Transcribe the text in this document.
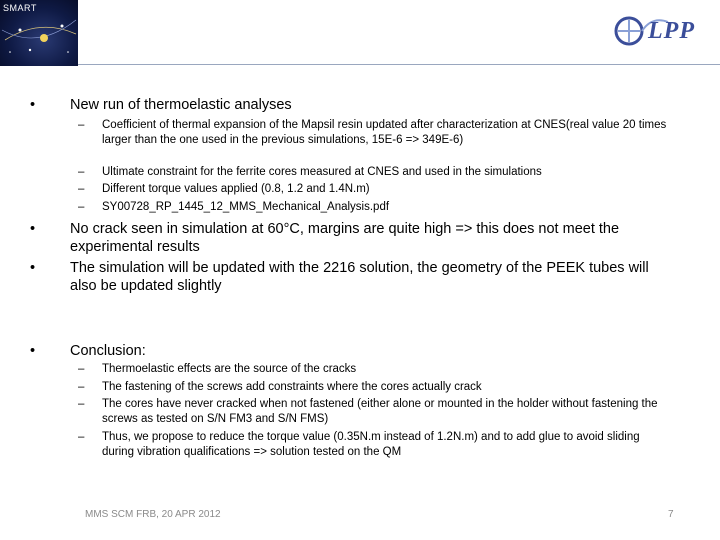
SMART
LPP
• New run of thermoelastic analyses
– Coefficient of thermal expansion of the Mapsil resin updated after characterization at CNES(real value 20 times larger than the one used in the previous simulations, 15E-6 => 349E-6)
– Ultimate constraint for the ferrite cores measured at CNES and used in the simulations
– Different torque values applied (0.8, 1.2 and 1.4N.m)
– SY00728_RP_1445_12_MMS_Mechanical_Analysis.pdf
• No crack seen in simulation at 60°C, margins are quite high => this does not meet the experimental results
• The simulation will be updated with the 2216 solution, the geometry of the PEEK tubes will also be updated slightly
• Conclusion:
– Thermoelastic effects are the source of the cracks
– The fastening of the screws add constraints where the cores actually crack
– The cores have never cracked when not fastened (either alone or mounted in the holder without fastening the screws as tested on S/N FM3 and S/N FMS)
– Thus, we propose to reduce the torque value (0.35N.m instead of 1.2N.m) and to add glue to avoid sliding during vibration qualifications => solution tested on the QM
MMS SCM FRB, 20 APR 2012	7
